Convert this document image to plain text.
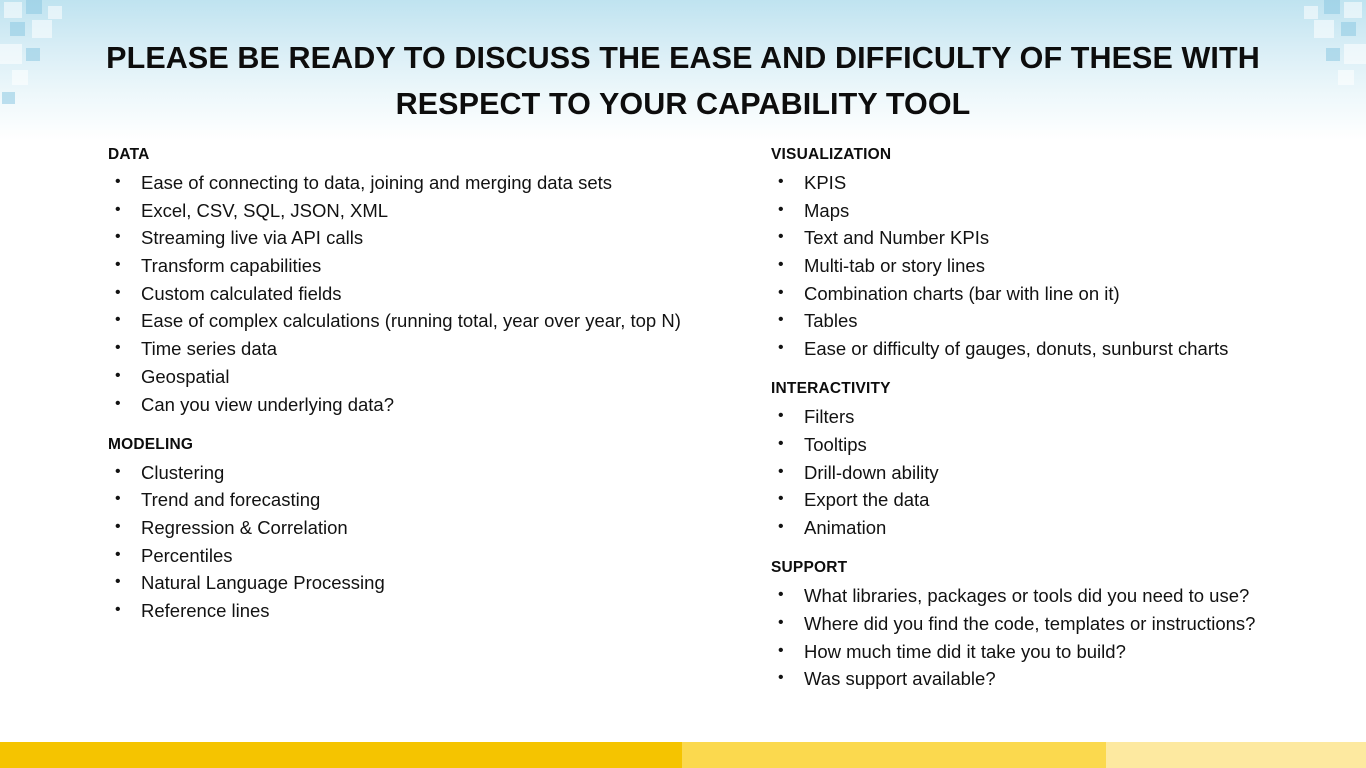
PLEASE BE READY TO DISCUSS THE EASE AND DIFFICULTY OF THESE WITH RESPECT TO YOUR CAPABILITY TOOL
DATA
• Ease of connecting to data, joining and merging data sets
• Excel, CSV, SQL, JSON, XML
• Streaming live via API calls
• Transform capabilities
• Custom calculated fields
• Ease of complex calculations (running total, year over year, top N)
• Time series data
• Geospatial
• Can you view underlying data?
MODELING
• Clustering
• Trend and forecasting
• Regression & Correlation
• Percentiles
• Natural Language Processing
• Reference lines
VISUALIZATION
• KPIS
• Maps
• Text and Number KPIs
• Multi-tab or story lines
• Combination charts (bar with line on it)
• Tables
• Ease or difficulty of gauges, donuts, sunburst charts
INTERACTIVITY
• Filters
• Tooltips
• Drill-down ability
• Export the data
• Animation
SUPPORT
• What libraries, packages or tools did you need to use?
• Where did you find the code, templates or instructions?
• How much time did it take you to build?
• Was support available?
